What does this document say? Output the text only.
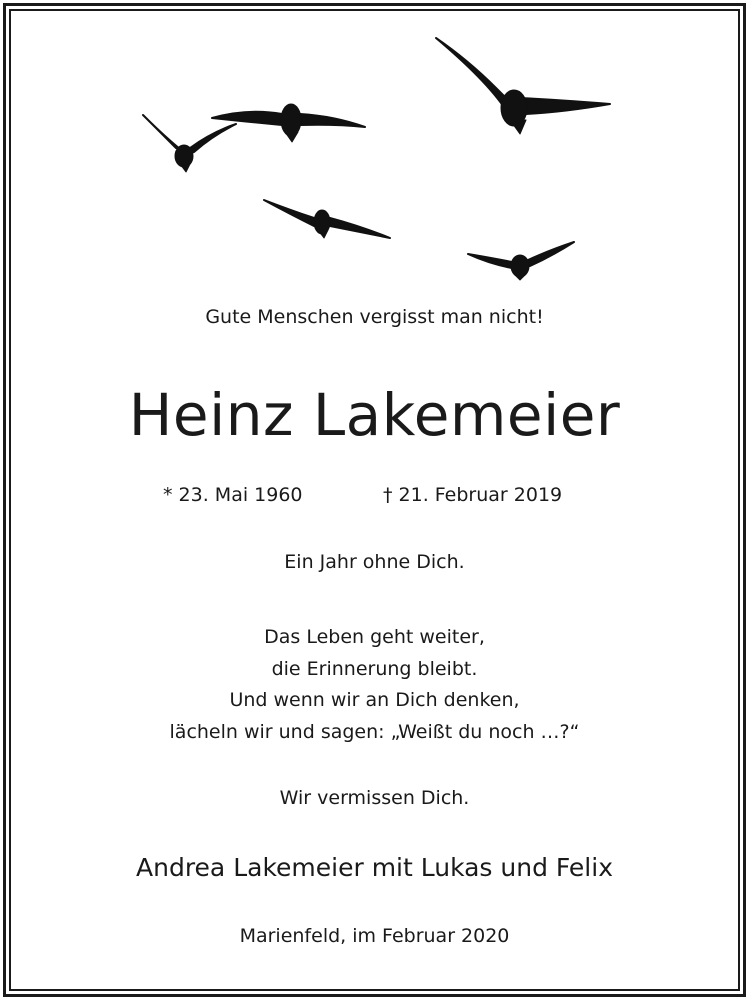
Gute Menschen vergisst man nicht!
Heinz Lakemeier
* 23. Mai 1960	† 21. Februar 2019
Ein Jahr ohne Dich.
Das Leben geht weiter,
die Erinnerung bleibt.
Und wenn wir an Dich denken,
lächeln wir und sagen: „Weißt du noch …?“
Wir vermissen Dich.
Andrea Lakemeier mit Lukas und Felix
Marienfeld, im Februar 2020
